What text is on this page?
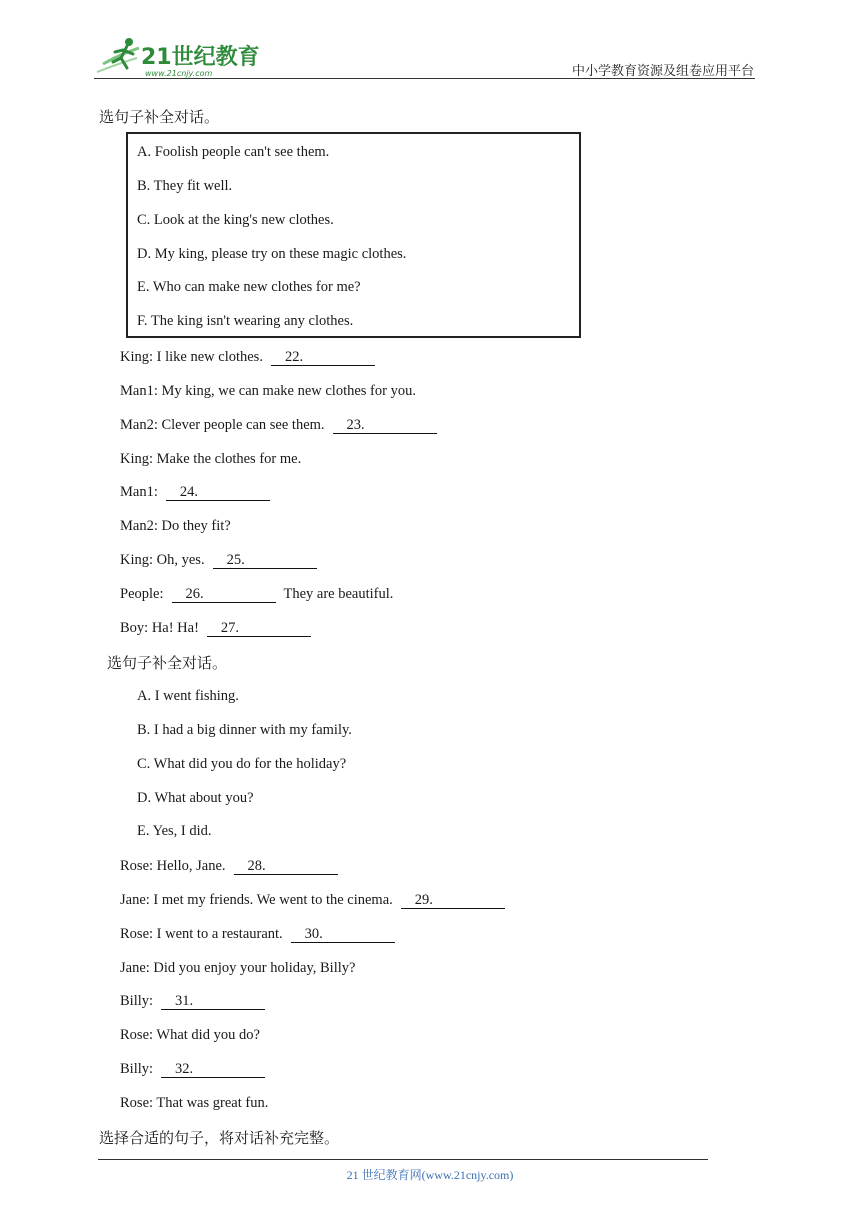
21世纪教育
www.21cnjy.com	中小学教育资源及组卷应用平台
选句子补全对话。
A. Foolish people can't see them.
B. They fit well.
C. Look at the king's new clothes.
D. My king, please try on these magic clothes.
E. Who can make new clothes for me?
F. The king isn't wearing any clothes.
King: I like new clothes. 22.
Man1: My king, we can make new clothes for you.
Man2: Clever people can see them. 23.
King: Make the clothes for me.
Man1: 24.
Man2: Do they fit?
King: Oh, yes. 25.
People: 26.	They are beautiful.
Boy: Ha! Ha! 27.
选句子补全对话。
A. I went fishing.
B. I had a big dinner with my family.
C. What did you do for the holiday?
D. What about you?
E. Yes, I did.
Rose: Hello, Jane. 28.
Jane: I met my friends. We went to the cinema. 29.
Rose: I went to a restaurant. 30.
Jane: Did you enjoy your holiday, Billy?
Billy: 31.
Rose: What did you do?
Billy: 32.
Rose: That was great fun.
选择合适的句子，将对话补充完整。
21 世纪教育网(www.21cnjy.com)
